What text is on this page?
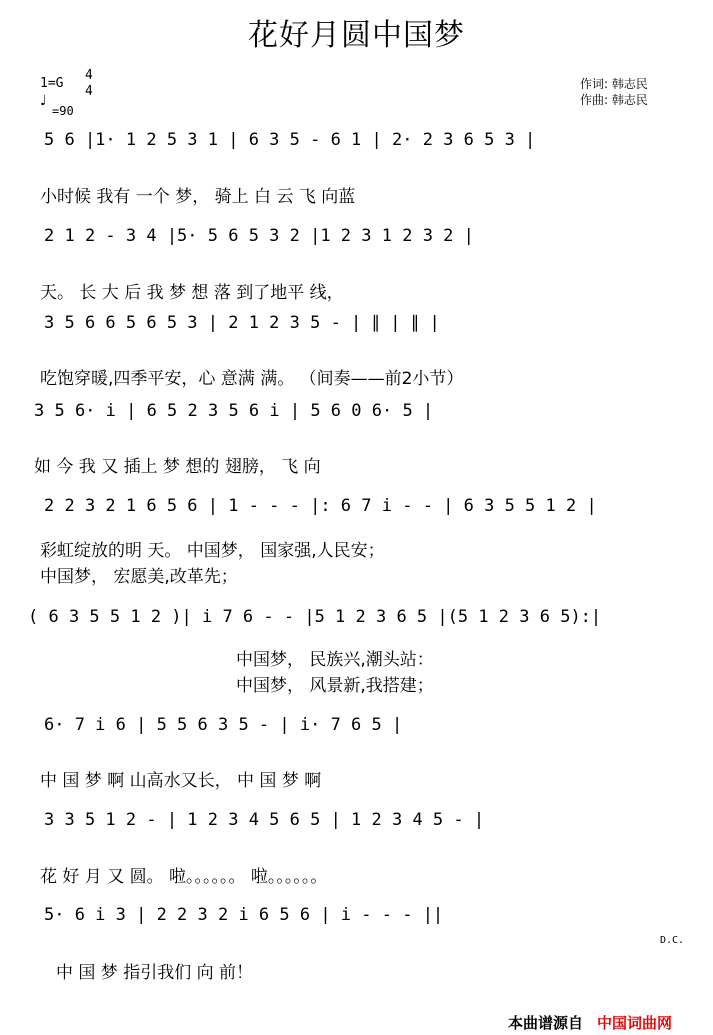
花好月圆中国梦
1=G
4
4
♩
=90
作词: 韩志民
作曲: 韩志民
5 6 |1· 1 2 5 3 1 | 6 3 5 - 6 1 | 2· 2 3 6 5 3 |
小时候 我有 一个 梦， 骑上 白 云 飞 向蓝
2 1 2 - 3 4 |5· 5 6 5 3 2 |1 2 3 1 2 3 2 |
天。 长 大 后 我 梦 想 落 到了地平 线，
3 5 6 6 5 6 5 3 | 2 1 2 3 5 - | ∥ | ∥ |
吃饱穿暖,四季平安，心 意满 满。 （间奏——前2小节）
3 5 6· i | 6 5 2 3 5 6 i | 5 6 0 6· 5 |
如 今 我 又 插上 梦 想的 翅膀， 飞 向
2 2 3 2 1 6 5 6 | 1 - - - |: 6 7 i - - | 6 3 5 5 1 2 |
彩虹绽放的明 天。 中国梦， 国家强,人民安；
中国梦， 宏愿美,改革先；
( 6 3 5 5 1 2 )| i 7 6 - - |5 1 2 3 6 5 |(5 1 2 3 6 5):|
中国梦， 民族兴,潮头站：
中国梦， 风景新,我搭建；
6· 7 i 6 | 5 5 6 3 5 - | i· 7 6 5 |
中 国 梦 啊 山高水又长， 中 国 梦 啊
3 3 5 1 2 - | 1 2 3 4 5 6 5 | 1 2 3 4 5 - |
花 好 月 又 圆。 啦。。。。。。 啦。。。。。。
5· 6 i 3 | 2 2 3 2 i 6 5 6 | i - - - ||
中 国 梦 指引我们 向 前！
D.C.
本曲谱源自 中国词曲网
